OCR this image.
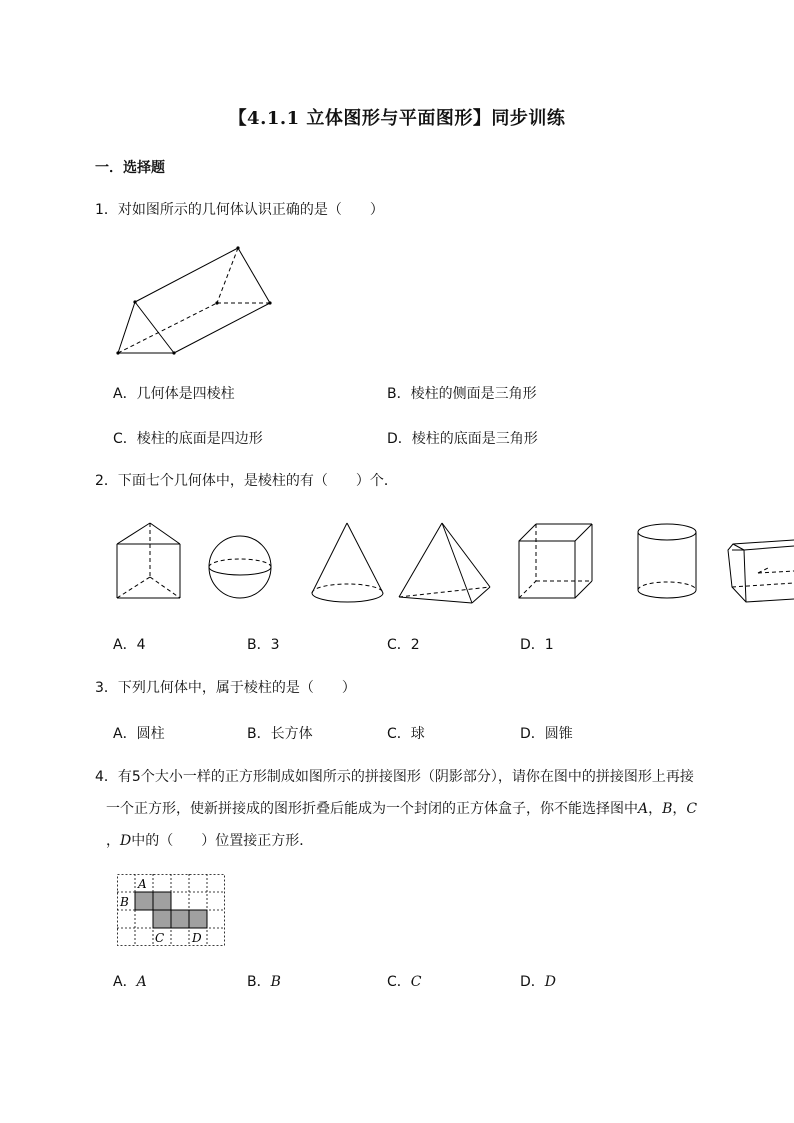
【4.1.1 立体图形与平面图形】同步训练
一．选择题
1．对如图所示的几何体认识正确的是（　　）
A．几何体是四棱柱	B．棱柱的侧面是三角形
C．棱柱的底面是四边形	D．棱柱的底面是三角形
2．下面七个几何体中，是棱柱的有（　　）个．
A．4	B．3	C．2	D．1
3．下列几何体中，属于棱柱的是（　　）
A．圆柱	B．长方体	C．球	D．圆锥
4．有5个大小一样的正方形制成如图所示的拼接图形（阴影部分），请你在图中的拼接图形上再接
一个正方形，使新拼接成的图形折叠后能成为一个封闭的正方体盒子，你不能选择图中A，B，C
，D中的（　　）位置接正方形．
A
B
C D
A．A	B．B	C．C	D．D
